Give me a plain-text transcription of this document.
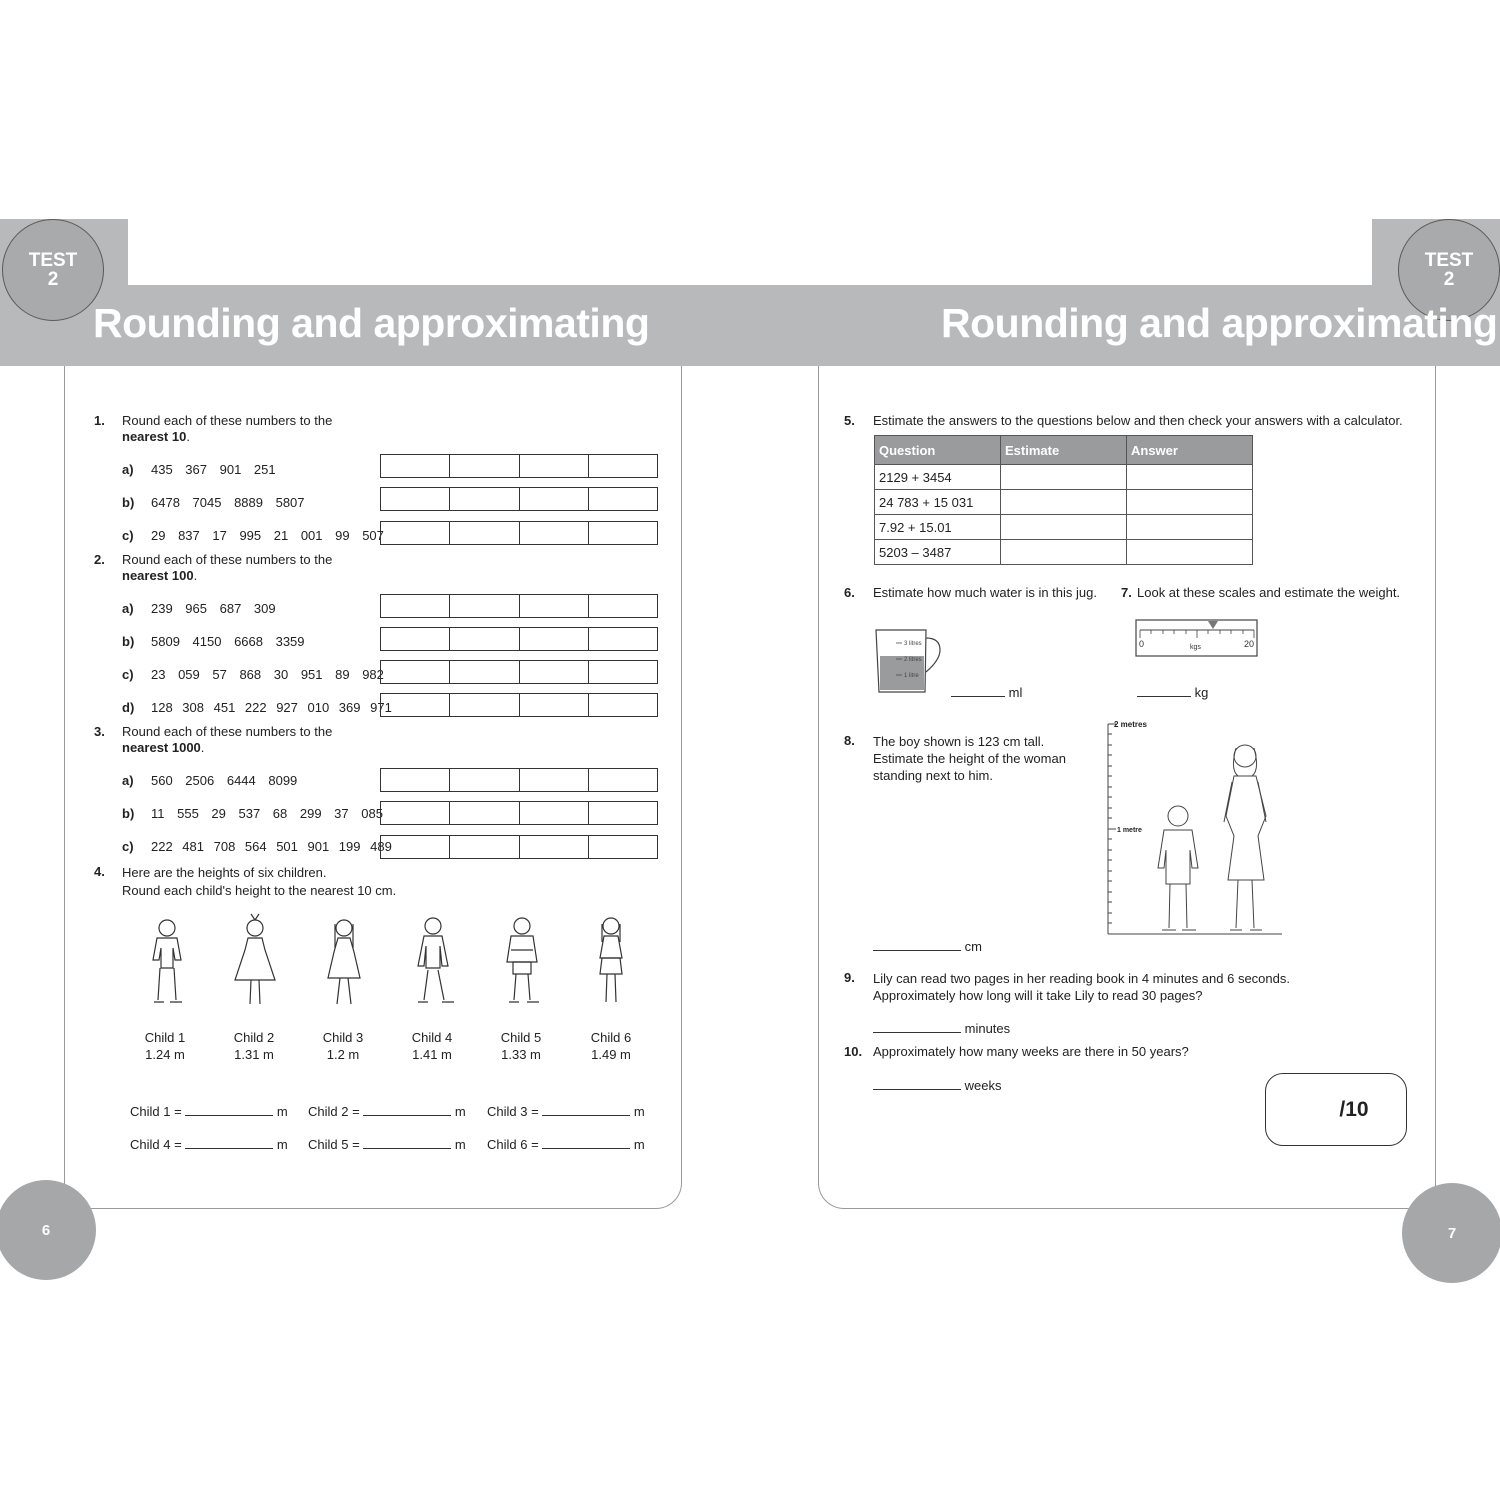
TEST
2
TEST
2
Rounding and approximating	Rounding and approximating
6	7
1. Round each of these numbers to the
nearest 10.
a) 435 367 901 251
b) 6478 7045 8889 5807
c) 29 837 17 995 21 001 99 507
2. Round each of these numbers to the
nearest 100.
a) 239 965 687 309
b) 5809 4150 6668 3359
c) 23 059 57 868 30 951 89 982
d) 128 308 451 222 927 010 369 971
3. Round each of these numbers to the
nearest 1000.
a) 560 2506 6444 8099
b) 11 555 29 537 68 299 37 085
c) 222 481 708 564 501 901 199 489
4. Here are the heights of six children.
Round each child's height to the nearest 10 cm.
Child 1
1.24 m
Child 2
1.31 m
Child 3
1.2 m
Child 4
1.41 m
Child 5
1.33 m
Child 6
1.49 m
Child 1 =	m Child 2 =	m Child 3 =	m
Child 4 =	m Child 5 =	m Child 6 =	m
5. Estimate the answers to the questions below and then check your answers with a calculator.
Question	Estimate	Answer
2129 + 3454		
24 783 + 15 031		
7.92 + 15.01		
5203 – 3487		
6. Estimate how much water is in this jug.
3 litres
2 litres
1 litre
ml
7. Look at these scales and estimate the weight.
0	20
kgs
kg
8. The boy shown is 123 cm tall.
Estimate the height of the woman
standing next to him.
2 metres
1 metre
cm
9. Lily can read two pages in her reading book in 4 minutes and 6 seconds.
Approximately how long will it take Lily to read 30 pages?
minutes
10. Approximately how many weeks are there in 50 years?
weeks
/10
